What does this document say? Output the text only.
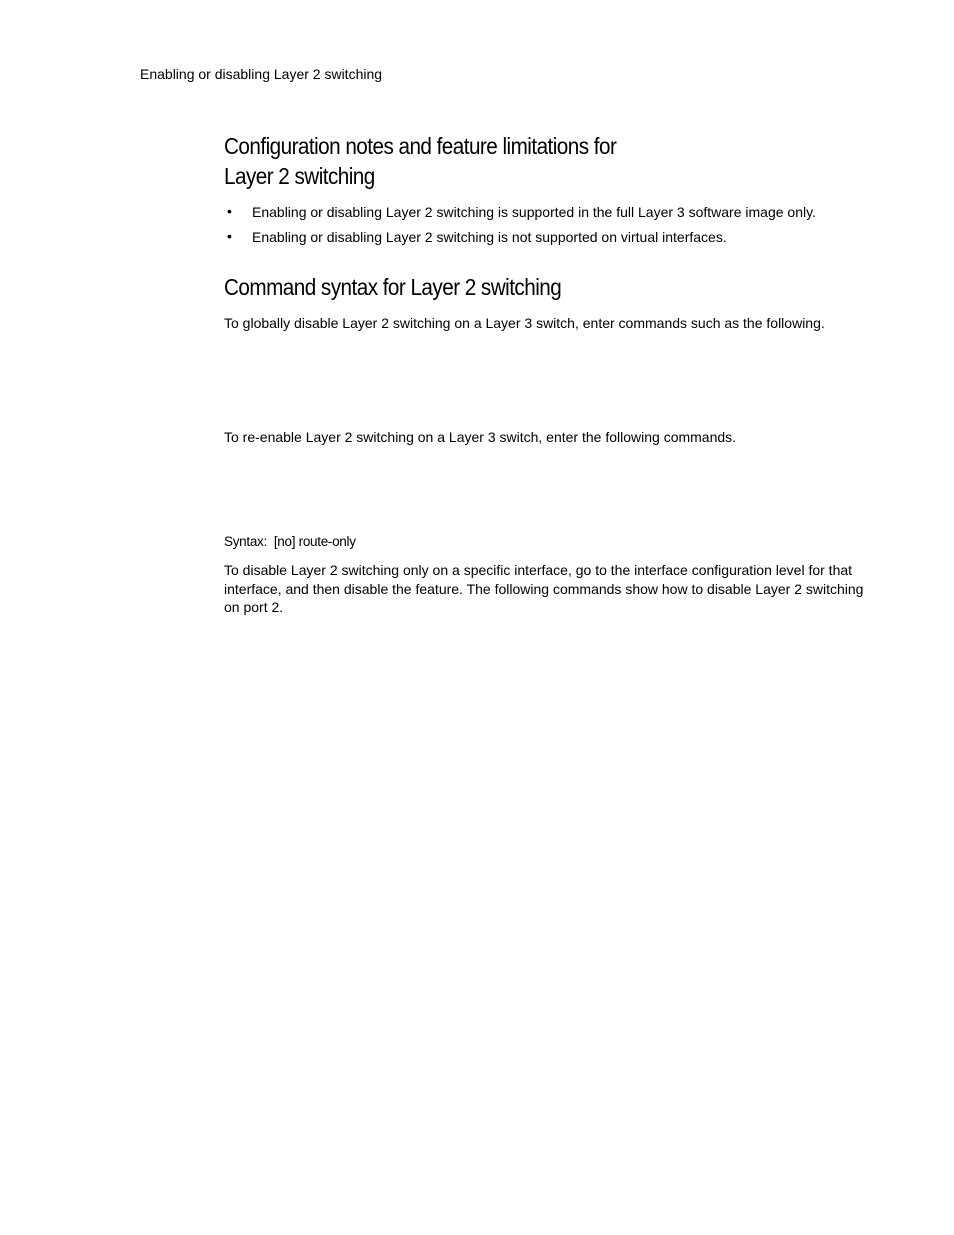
Enabling or disabling Layer 2 switching
Configuration notes and feature limitations for
Layer 2 switching
• Enabling or disabling Layer 2 switching is supported in the full Layer 3 software image only.
• Enabling or disabling Layer 2 switching is not supported on virtual interfaces.
Command syntax for Layer 2 switching

To globally disable Layer 2 switching on a Layer 3 switch, enter commands such as the following.

To re-enable Layer 2 switching on a Layer 3 switch, enter the following commands.

Syntax: [no] route-only

To disable Layer 2 switching only on a specific interface, go to the interface configuration level for that interface, and then disable the feature. The following commands show how to disable Layer 2 switching on port 2.
